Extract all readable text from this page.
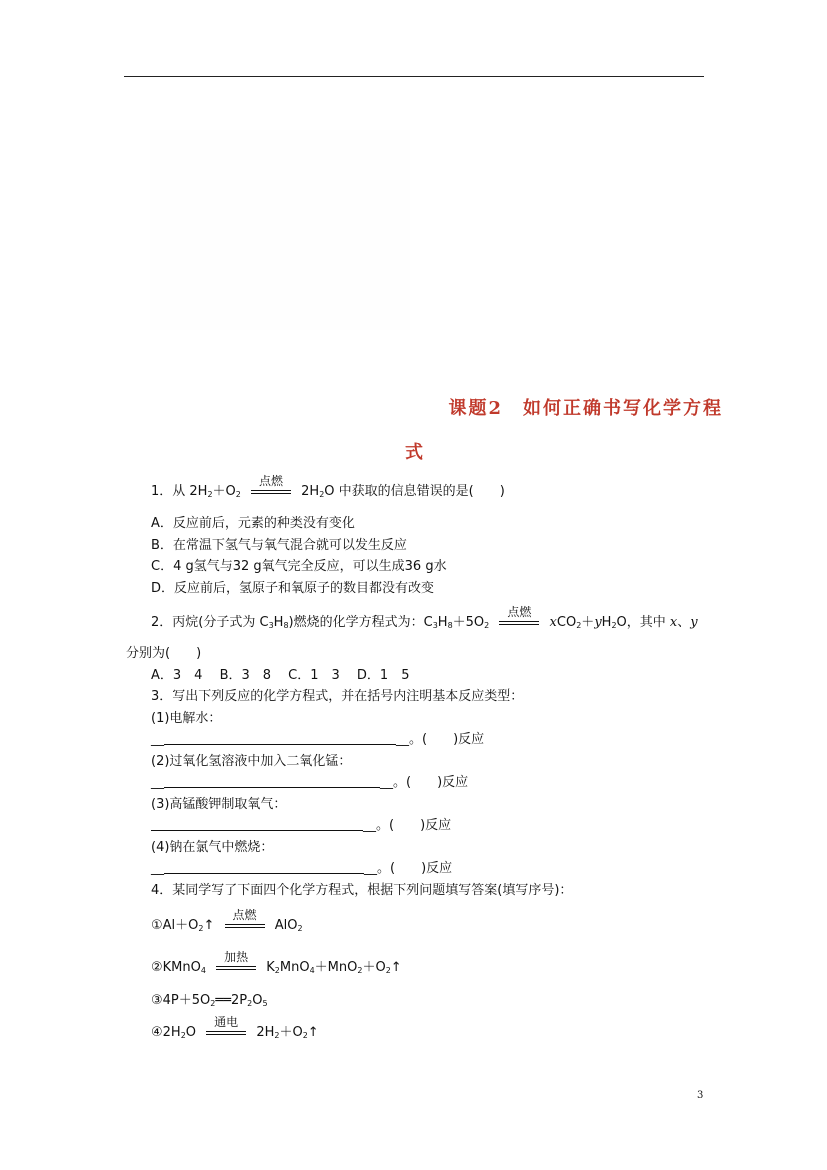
课题2　如何正确书写化学方程
式
1．从 $2H_2+O_2$
点燃
$2H_2O$ 中获取的信息错误的是(　　)
A．反应前后，元素的种类没有变化
B．在常温下氢气与氧气混合就可以发生反应
C．4 g氢气与32 g氧气完全反应，可以生成36 g水
D．反应前后，氢原子和氧原子的数目都没有改变
2．丙烷(分子式为 $C_3H_8$)燃烧的化学方程式为：$C_3H_8+5O_2$
点燃
$xCO_2+yH_2O$，其中 x、y
分别为(　　)
A．3　4　 B．3　8　 C．1　3　 D．1　5
3．写出下列反应的化学方程式，并在括号内注明基本反应类型：
(1)电解水：
__	__。(　　)反应
(2)过氧化氢溶液中加入二氧化锰：
__	__。(　　)反应
(3)高锰酸钾制取氧气：
__。(　　)反应
(4)钠在氯气中燃烧：
__	__。(　　)反应
4．某同学写了下面四个化学方程式，根据下列问题填写答案(填写序号)：
$①Al+O_2↑$
点燃
AlO$_2$
②KMnO$_4$
加热
$K_2MnO_4+MnO_2+O_2↑$
$③4P+5O_2══2P_2O_5$
$④2H_2O$
通电
$2H_2+O_2↑$
3
